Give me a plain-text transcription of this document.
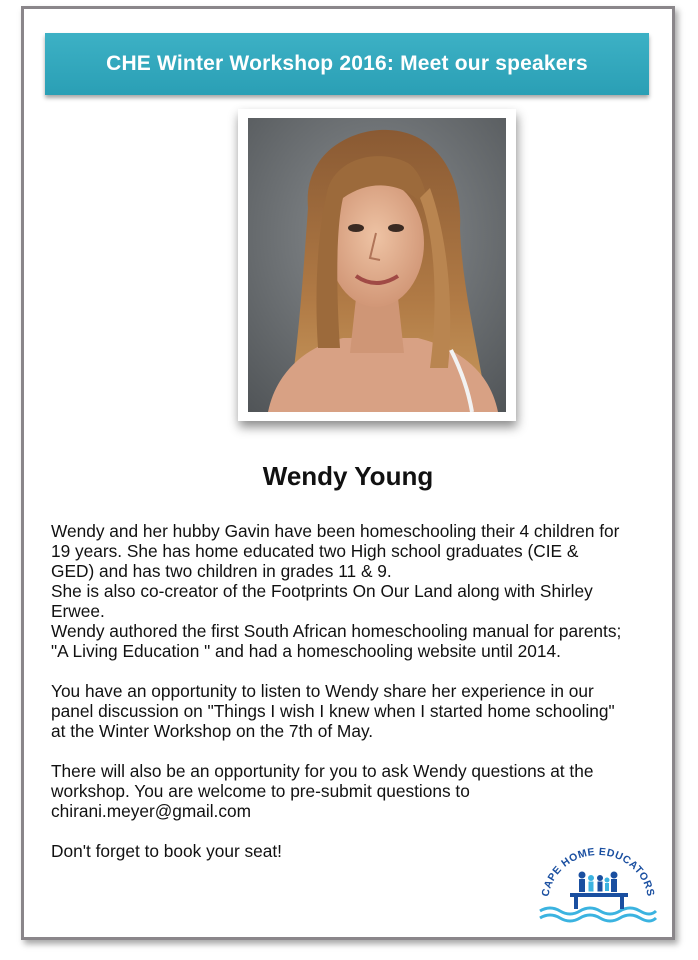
CHE Winter Workshop 2016: Meet our speakers
Wendy Young

Wendy and her hubby Gavin have been homeschooling their 4 children for

19 years. She has home educated two High school graduates (CIE &

GED) and has two children in grades 11 & 9.

She is also co-creator of the Footprints On Our Land along with Shirley

Erwee.

Wendy authored the first South African homeschooling manual for parents;

"A Living Education " and had a homeschooling website until 2014.

You have an opportunity to listen to Wendy share her experience in our

panel discussion on "Things I wish I knew when I started home schooling"

at the Winter Workshop on the 7th of May.

There will also be an opportunity for you to ask Wendy questions at the

workshop. You are welcome to pre-submit questions to

chirani.meyer@gmail.com

Don't forget to book your seat!

CAPE HOME EDUCATORS
